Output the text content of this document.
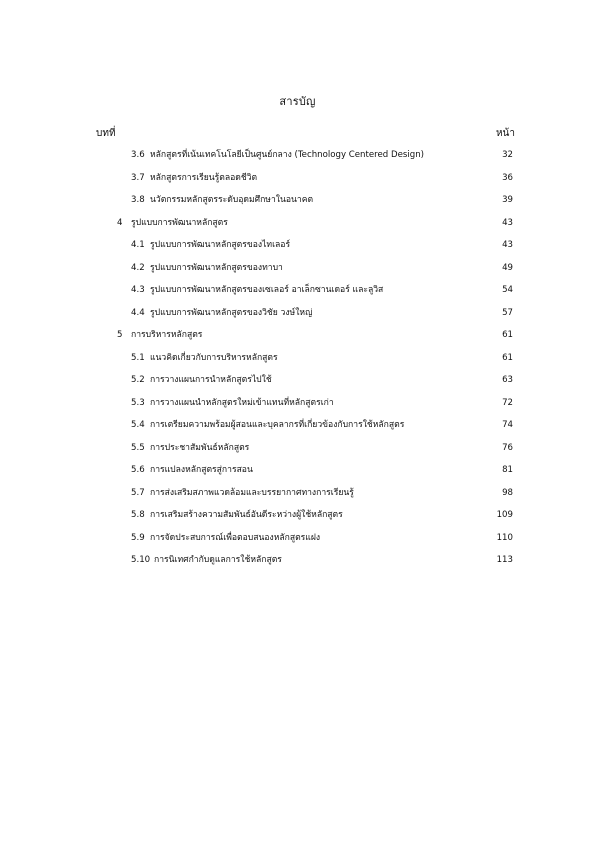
สารบัญ
บทที่	หน้า
3.6 หลักสูตรที่เน้นเทคโนโลยีเป็นศูนย์กลาง (Technology Centered Design)	32
3.7 หลักสูตรการเรียนรู้ตลอดชีวิต	36
3.8 นวัตกรรมหลักสูตรระดับอุดมศึกษาในอนาคต	39
4 รูปแบบการพัฒนาหลักสูตร	43
4.1 รูปแบบการพัฒนาหลักสูตรของไทเลอร์	43
4.2 รูปแบบการพัฒนาหลักสูตรของทาบา	49
4.3 รูปแบบการพัฒนาหลักสูตรของเซเลอร์ อาเล็กซานเดอร์ และลูวิส	54
4.4 รูปแบบการพัฒนาหลักสูตรของวิชัย วงษ์ใหญ่	57
5 การบริหารหลักสูตร	61
5.1 แนวคิดเกี่ยวกับการบริหารหลักสูตร	61
5.2 การวางแผนการนำหลักสูตรไปใช้	63
5.3 การวางแผนนำหลักสูตรใหม่เข้าแทนที่หลักสูตรเก่า	72
5.4 การเตรียมความพร้อมผู้สอนและบุคลากรที่เกี่ยวข้องกับการใช้หลักสูตร	74
5.5 การประชาสัมพันธ์หลักสูตร	76
5.6 การแปลงหลักสูตรสู่การสอน	81
5.7 การส่งเสริมสภาพแวดล้อมและบรรยากาศทางการเรียนรู้	98
5.8 การเสริมสร้างความสัมพันธ์อันดีระหว่างผู้ใช้หลักสูตร	109
5.9 การจัดประสบการณ์เพื่อตอบสนองหลักสูตรแฝง	110
5.10 การนิเทศกำกับดูแลการใช้หลักสูตร	113
